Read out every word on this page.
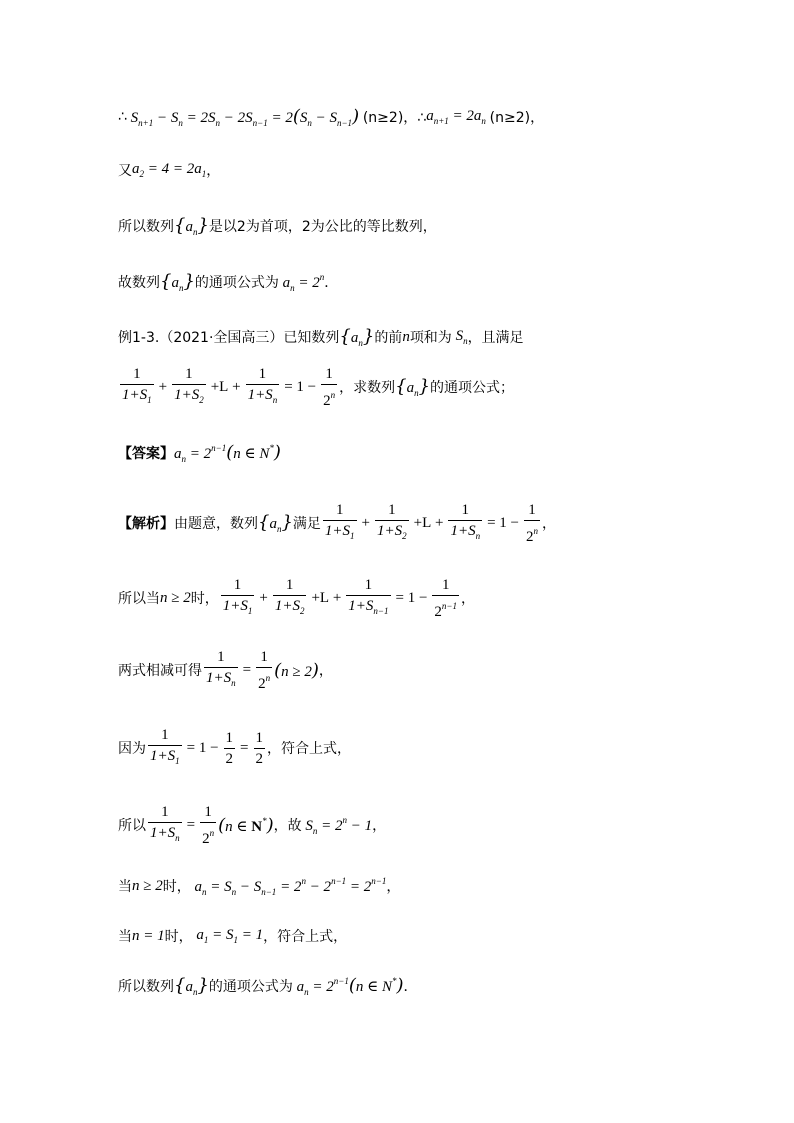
∴ $S_{n+1} - S_n = 2S_n - 2S_{n-1} = 2(S_n - S_{n-1})$ (n≥2)，∴ $a_{n+1} = 2a_n$ (n≥2)，
又 $a_2 = 4 = 2a_1$ ，
所以数列 $\{a_n\}$ 是以2为首项，2为公比的等比数列，
故数列 $\{a_n\}$ 的通项公式为 $a_n = 2^n$ ．
例1-3.（2021·全国高三）已知数列 $\{a_n\}$ 的前 n 项和为 $S_n$ ，且满足
$\frac{1}{1+S_1} + \frac{1}{1+S_2} +L + \frac{1}{1+S_n} = 1 - \frac{1}{2^n}$ ，求数列 $\{a_n\}$ 的通项公式；
【答案】 $a_n = 2^{n-1}(n$ ∈ N*)
【解析】 由题意，数列 $\{a_n\}$ 满足 $\frac{1}{1+S_1} + \frac{1}{1+S_2} +L + \frac{1}{1+S_n} = 1 - \frac{1}{2^n}$ ，
所以当 n ≥ 2 时， $\frac{1}{1+S_1} + \frac{1}{1+S_2} +L + \frac{1}{1+S_{n-1}} = 1 - \frac{1}{2^{n-1}}$ ，
两式相减可得 $\frac{1}{1+S_n} = \frac{1}{2^n} (n \ge 2)$ ，
因为 $\frac{1}{1+S_1} = 1 - \frac{1}{2} = \frac{1}{2}$ ，符合上式，
所以 $\frac{1}{1+S_n} = \frac{1}{2^n} (n$ ∈ N*) ，故 $S_n = 2^n - 1$ ，
当 n ≥ 2 时， $a_n = S_n - S_{n-1} = 2^n - 2^{n-1} = 2^{n-1}$ ，
当 n = 1 时， $a_1 = S_1 = 1$ ，符合上式，
所以数列 $\{a_n\}$ 的通项公式为 $a_n = 2^{n-1}(n$ ∈ N*) ．
